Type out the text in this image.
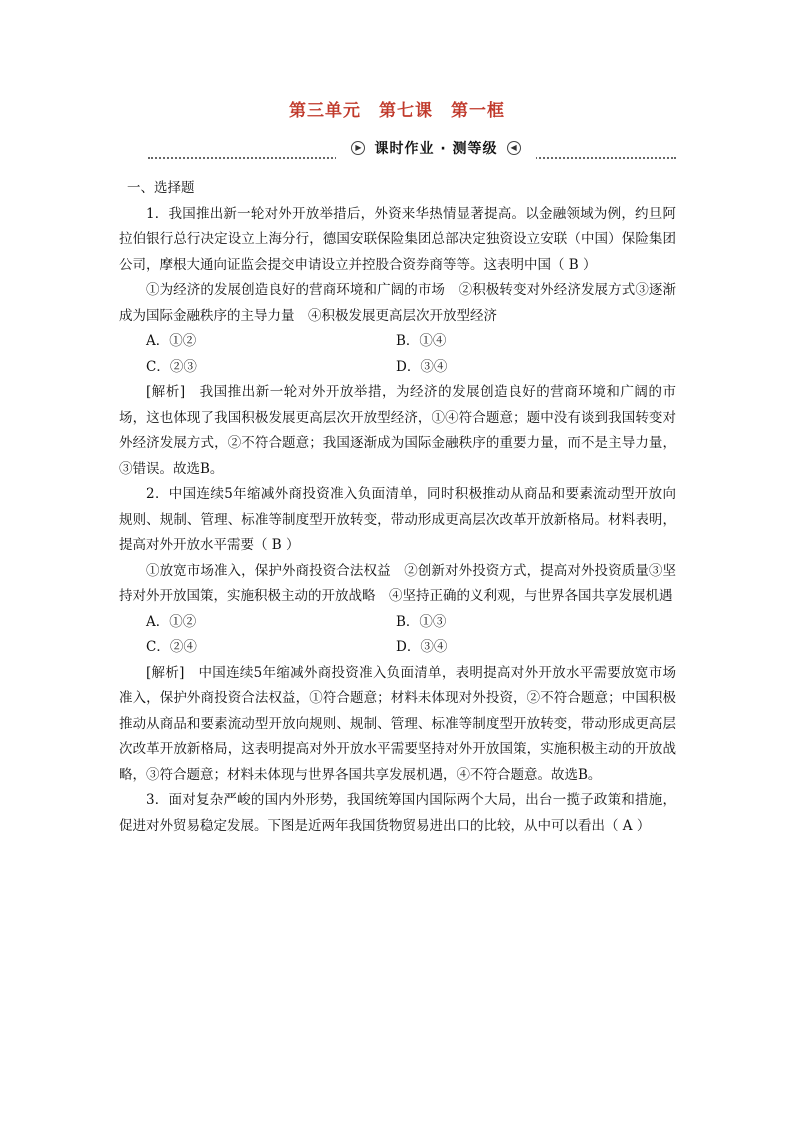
第三单元　第七课　第一框
▶ 课时作业 · 测等级	◀

一、选择题

1．我国推出新一轮对外开放举措后，外资来华热情显著提高。以金融领域为例，约旦阿拉伯银行总行决定设立上海分行，德国安联保险集团总部决定独资设立安联（中国）保险集团公司，摩根大通向证监会提交申请设立并控股合资券商等等。这表明中国（ B ）

①为经济的发展创造良好的营商环境和广阔的市场　②积极转变对外经济发展方式③逐渐成为国际金融秩序的主导力量　④积极发展更高层次开放型经济

A．①②	B．①④
C．②③	D．③④

[解析]　我国推出新一轮对外开放举措，为经济的发展创造良好的营商环境和广阔的市场，这也体现了我国积极发展更高层次开放型经济，①④符合题意；题中没有谈到我国转变对外经济发展方式，②不符合题意；我国逐渐成为国际金融秩序的重要力量，而不是主导力量，③错误。故选B。

2．中国连续5年缩减外商投资准入负面清单，同时积极推动从商品和要素流动型开放向规则、规制、管理、标准等制度型开放转变，带动形成更高层次改革开放新格局。材料表明，提高对外开放水平需要（ B ）

①放宽市场准入，保护外商投资合法权益　②创新对外投资方式，提高对外投资质量③坚持对外开放国策，实施积极主动的开放战略　④坚持正确的义利观，与世界各国共享发展机遇

A．①②	B．①③
C．②④	D．③④

[解析]　中国连续5年缩减外商投资准入负面清单，表明提高对外开放水平需要放宽市场准入，保护外商投资合法权益，①符合题意；材料未体现对外投资，②不符合题意；中国积极推动从商品和要素流动型开放向规则、规制、管理、标准等制度型开放转变，带动形成更高层次改革开放新格局，这表明提高对外开放水平需要坚持对外开放国策，实施积极主动的开放战略，③符合题意；材料未体现与世界各国共享发展机遇，④不符合题意。故选B。

3．面对复杂严峻的国内外形势，我国统筹国内国际两个大局，出台一揽子政策和措施，促进对外贸易稳定发展。下图是近两年我国货物贸易进出口的比较，从中可以看出（ A ）
